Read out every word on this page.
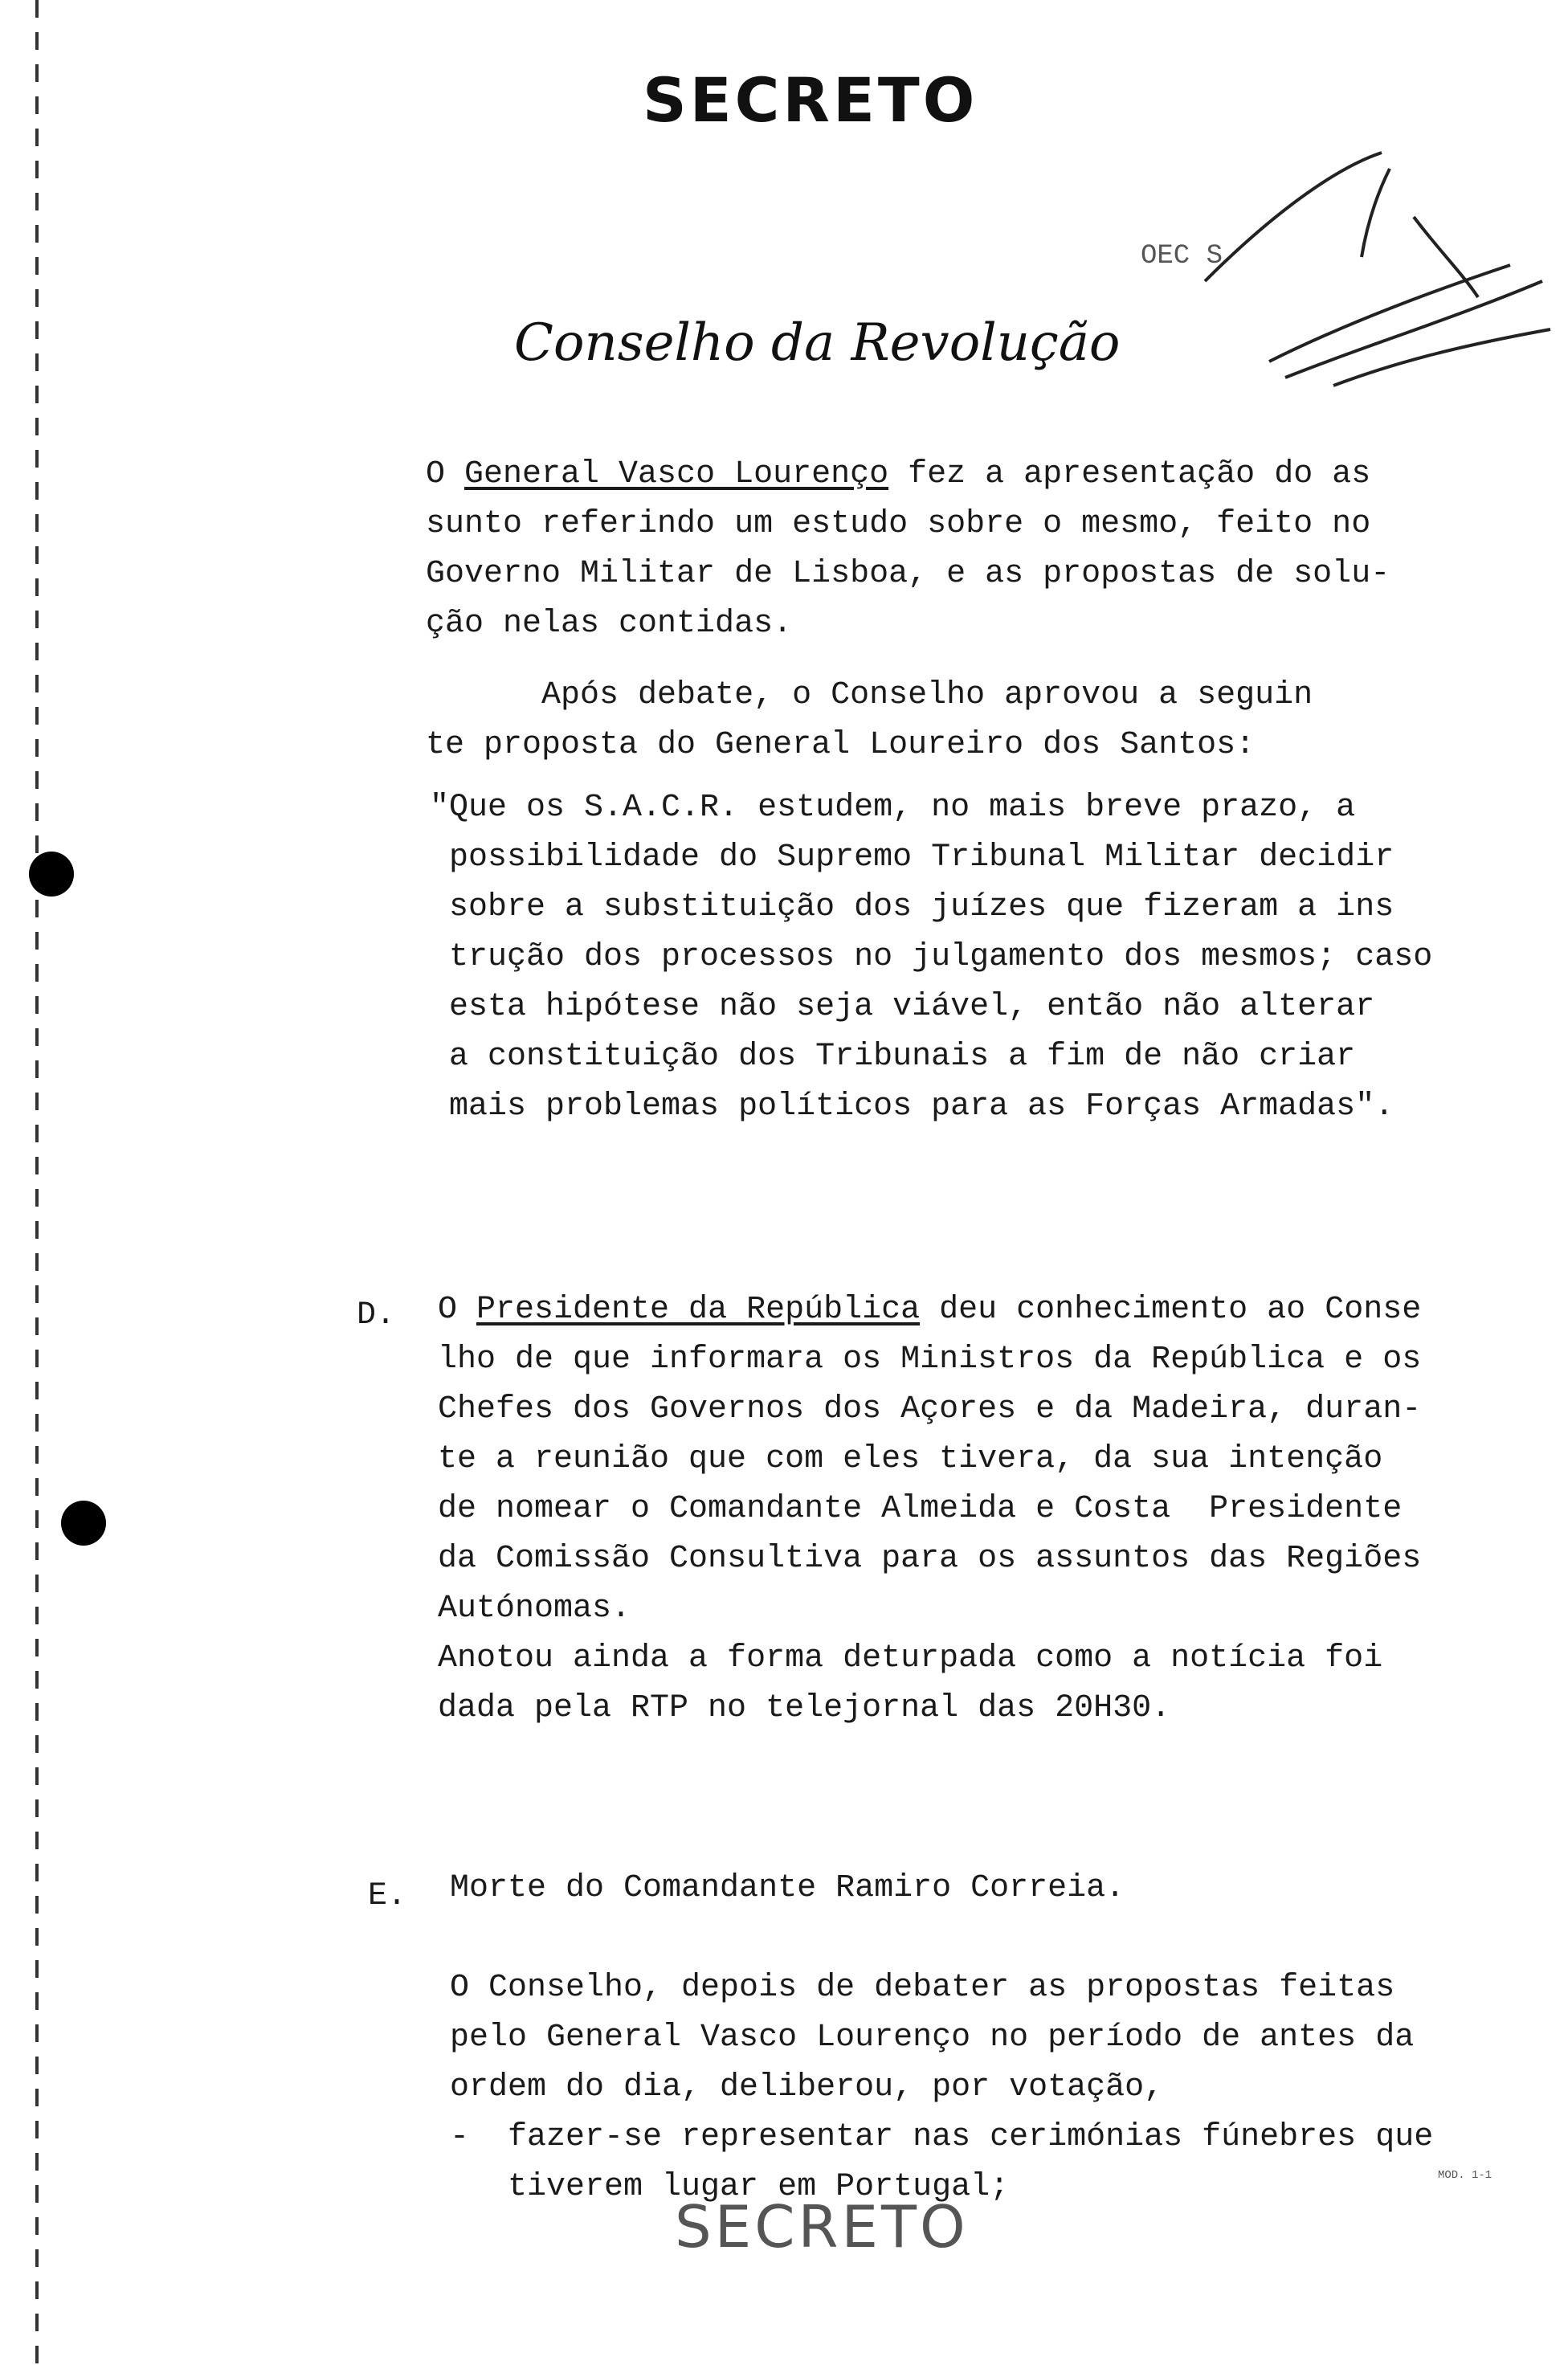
SECRETO
OEC S
Conselho da Revolução
O General Vasco Lourenço fez a apresentação do as
sunto referindo um estudo sobre o mesmo, feito no
Governo Militar de Lisboa, e as propostas de solu-
ção nelas contidas.
Após debate, o Conselho aprovou a seguin
te proposta do General Loureiro dos Santos:
"Que os S.A.C.R. estudem, no mais breve prazo, a
possibilidade do Supremo Tribunal Militar decidir
sobre a substituição dos juízes que fizeram a ins
trução dos processos no julgamento dos mesmos; caso
esta hipótese não seja viável, então não alterar
a constituição dos Tribunais a fim de não criar
mais problemas políticos para as Forças Armadas".
D. O Presidente da República deu conhecimento ao Conse
lho de que informara os Ministros da República e os
Chefes dos Governos dos Açores e da Madeira, duran-
te a reunião que com eles tivera, da sua intenção
de nomear o Comandante Almeida e Costa  Presidente
da Comissão Consultiva para os assuntos das Regiões
Autónomas.
Anotou ainda a forma deturpada como a notícia foi
dada pela RTP no telejornal das 20H30.
E. Morte do Comandante Ramiro Correia.

O Conselho, depois de debater as propostas feitas
pelo General Vasco Lourenço no período de antes da
ordem do dia, deliberou, por votação,
-  fazer-se representar nas cerimónias fúnebres que
tiverem lugar em Portugal;	MOD. 1-1
SECRETO
